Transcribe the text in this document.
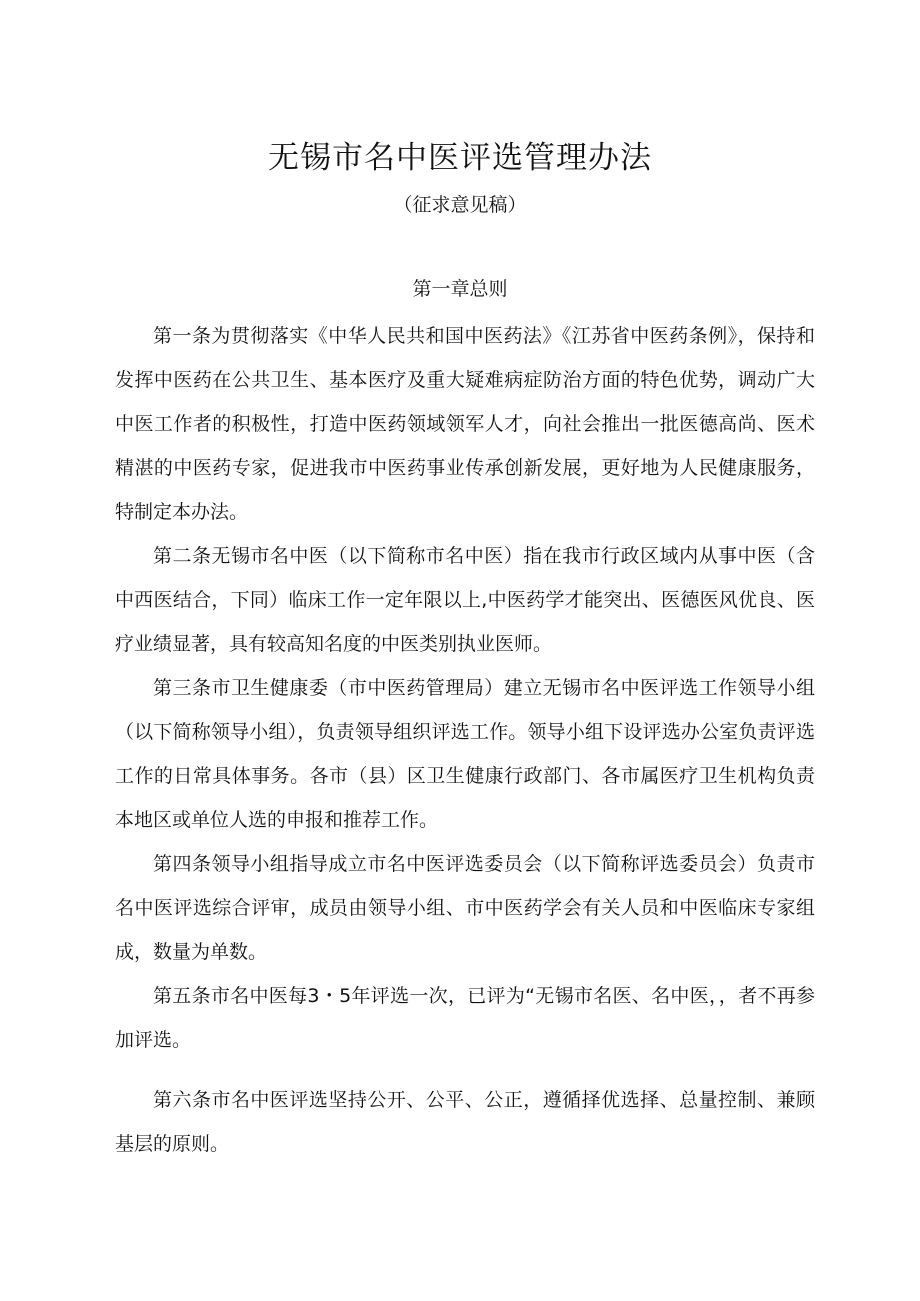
无锡市名中医评选管理办法
（征求意见稿）
第一章总则

第一条为贯彻落实《中华人民共和国中医药法》《江苏省中医药条例》，保持和发挥中医药在公共卫生、基本医疗及重大疑难病症防治方面的特色优势，调动广大中医工作者的积极性，打造中医药领域领军人才，向社会推出一批医德高尚、医术精湛的中医药专家，促进我市中医药事业传承创新发展，更好地为人民健康服务，特制定本办法。

第二条无锡市名中医（以下简称市名中医）指在我市行政区域内从事中医（含中西医结合，下同）临床工作一定年限以上,中医药学才能突出、医德医风优良、医疗业绩显著，具有较高知名度的中医类别执业医师。

第三条市卫生健康委（市中医药管理局）建立无锡市名中医评选工作领导小组（以下简称领导小组），负责领导组织评选工作。领导小组下设评选办公室负责评选工作的日常具体事务。各市（县）区卫生健康行政部门、各市属医疗卫生机构负责本地区或单位人选的申报和推荐工作。

第四条领导小组指导成立市名中医评选委员会（以下简称评选委员会）负责市名中医评选综合评审，成员由领导小组、市中医药学会有关人员和中医临床专家组成，数量为单数。

第五条市名中医每3・5年评选一次，已评为“无锡市名医、名中医，，者不再参加评选。

第六条市名中医评选坚持公开、公平、公正，遵循择优选择、总量控制、兼顾基层的原则。
